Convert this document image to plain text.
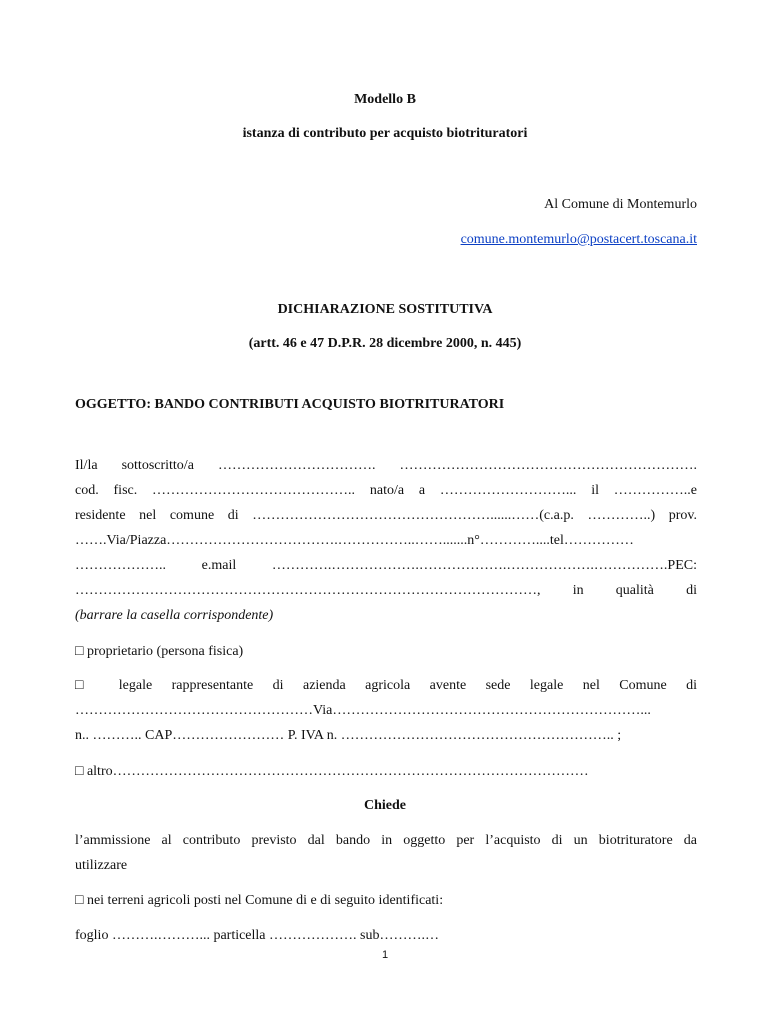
Modello B
istanza di contributo per acquisto biotrituratori
Al Comune di Montemurlo
comune.montemurlo@postacert.toscana.it
DICHIARAZIONE SOSTITUTIVA
(artt. 46 e 47 D.P.R. 28 dicembre 2000, n. 445)
OGGETTO: BANDO CONTRIBUTI ACQUISTO BIOTRITURATORI
Il/la sottoscritto/a ……………………………. ……………………………………………………….
cod. fisc. …………………………………….. nato/a a ………………………... il ……………..e
residente nel comune di ……………………………………………......……(c.a.p. …………..) prov.
…….Via/Piazza……………………………….……………..…….......n°…………....tel……………
……………….. e.mail ………….……………….……………….……………….…………….PEC:
………………………………………………………………………………………, in qualità di
(barrare la casella corrispondente)
□ proprietario (persona fisica)
□ legale rappresentante di azienda agricola avente sede legale nel Comune di
……………………………………………Via…………………………………………………………...
n.. ……….. CAP…………………… P. IVA n. ………………………………………………….. ;
□ altro…………………………………………………………………………………………
Chiede
l’ammissione al contributo previsto dal bando in oggetto per l’acquisto di un biotrituratore da
utilizzare
□ nei terreni agricoli posti nel Comune di e di seguito identificati:
foglio ……….………... particella ………………. sub……….…
1
